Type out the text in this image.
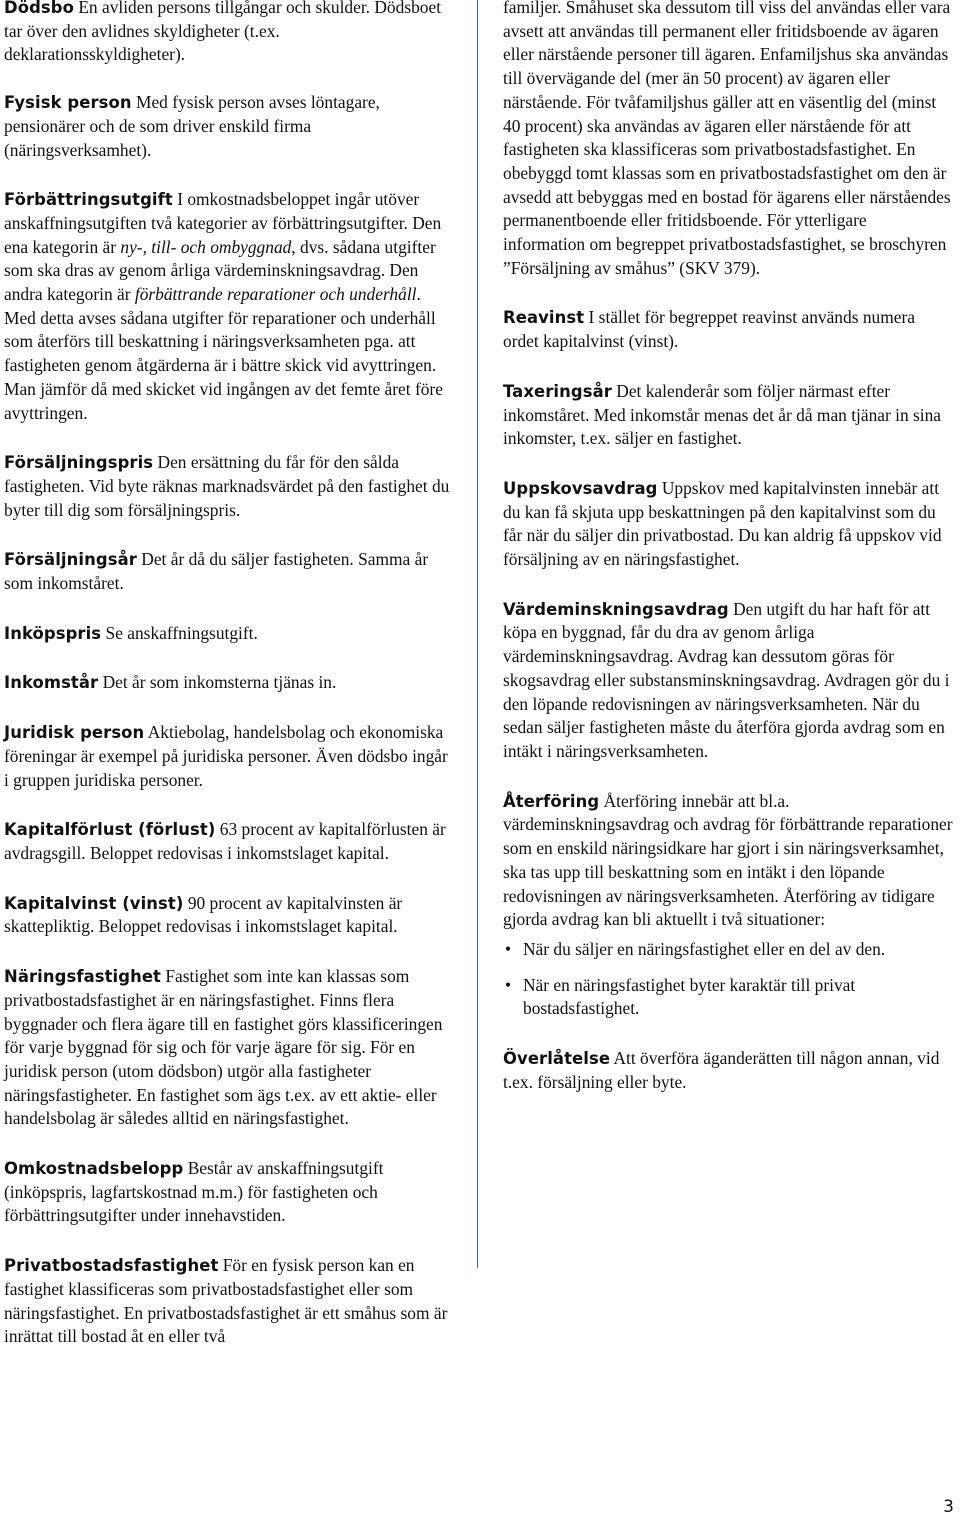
Dödsbo En avliden persons tillgångar och skulder. Dödsboet tar över den avlidnes skyldigheter (t.ex. deklarationsskyldigheter).

Fysisk person Med fysisk person avses löntagare, pensionärer och de som driver enskild firma (näringsverksamhet).

Förbättringsutgift I omkostnadsbeloppet ingår utöver anskaffningsutgiften två kategorier av förbättringsutgifter. Den ena kategorin är ny-, till- och ombyggnad, dvs. sådana utgifter som ska dras av genom årliga värdeminskningsavdrag. Den andra kategorin är förbättrande reparationer och underhåll. Med detta avses sådana utgifter för reparationer och underhåll som återförs till beskattning i näringsverksamheten pga. att fastigheten genom åtgärderna är i bättre skick vid avyttringen. Man jämför då med skicket vid ingången av det femte året före avyttringen.

Försäljningspris Den ersättning du får för den sålda fastigheten. Vid byte räknas marknadsvärdet på den fastighet du byter till dig som försäljningspris.

Försäljningsår Det år då du säljer fastigheten. Samma år som inkomståret.

Inköpspris Se anskaffningsutgift.

Inkomstår Det år som inkomsterna tjänas in.

Juridisk person Aktiebolag, handelsbolag och ekonomiska föreningar är exempel på juridiska personer. Även dödsbo ingår i gruppen juridiska personer.

Kapitalförlust (förlust) 63 procent av kapitalförlusten är avdragsgill. Beloppet redovisas i inkomstslaget kapital.

Kapitalvinst (vinst) 90 procent av kapitalvinsten är skattepliktig. Beloppet redovisas i inkomstslaget kapital.

Näringsfastighet Fastighet som inte kan klassas som privatbostadsfastighet är en näringsfastighet. Finns flera byggnader och flera ägare till en fastighet görs klassificeringen för varje byggnad för sig och för varje ägare för sig. För en juridisk person (utom dödsbon) utgör alla fastigheter näringsfastigheter. En fastighet som ägs t.ex. av ett aktie- eller handelsbolag är således alltid en näringsfastighet.

Omkostnadsbelopp Består av anskaffningsutgift (inköpspris, lagfartskostnad m.m.) för fastigheten och förbättringsutgifter under innehavstiden.

Privatbostadsfastighet För en fysisk person kan en fastighet klassificeras som privatbostadsfastighet eller som näringsfastighet. En privatbostadsfastighet är ett småhus som är inrättat till bostad åt en eller två

familjer. Småhuset ska dessutom till viss del användas eller vara avsett att användas till permanent eller fritidsboende av ägaren eller närstående personer till ägaren. Enfamiljshus ska användas till övervägande del (mer än 50 procent) av ägaren eller närstående. För tvåfamiljshus gäller att en väsentlig del (minst 40 procent) ska användas av ägaren eller närstående för att fastigheten ska klassificeras som privatbostadsfastighet. En obebyggd tomt klassas som en privatbostadsfastighet om den är avsedd att bebyggas med en bostad för ägarens eller närståendes permanentboende eller fritidsboende. För ytterligare information om begreppet privatbostadsfastighet, se broschyren ”Försäljning av småhus” (SKV 379).

Reavinst I stället för begreppet reavinst används numera ordet kapitalvinst (vinst).

Taxeringsår Det kalenderår som följer närmast efter inkomståret. Med inkomstår menas det år då man tjänar in sina inkomster, t.ex. säljer en fastighet.

Uppskovsavdrag Uppskov med kapitalvinsten innebär att du kan få skjuta upp beskattningen på den kapitalvinst som du får när du säljer din privatbostad. Du kan aldrig få uppskov vid försäljning av en näringsfastighet.

Värdeminskningsavdrag Den utgift du har haft för att köpa en byggnad, får du dra av genom årliga värdeminskningsavdrag. Avdrag kan dessutom göras för skogsavdrag eller substansminskningsavdrag. Avdragen gör du i den löpande redovisningen av näringsverksamheten. När du sedan säljer fastigheten måste du återföra gjorda avdrag som en intäkt i näringsverksamheten.

Återföring Återföring innebär att bl.a. värdeminskningsavdrag och avdrag för förbättrande reparationer som en enskild näringsidkare har gjort i sin näringsverksamhet, ska tas upp till beskattning som en intäkt i den löpande redovisningen av näringsverksamheten. Återföring av tidigare gjorda avdrag kan bli aktuellt i två situationer:
• När du säljer en näringsfastighet eller en del av den.
• När en näringsfastighet byter karaktär till privat bostadsfastighet.

Överlåtelse Att överföra äganderätten till någon annan, vid t.ex. försäljning eller byte.

3
